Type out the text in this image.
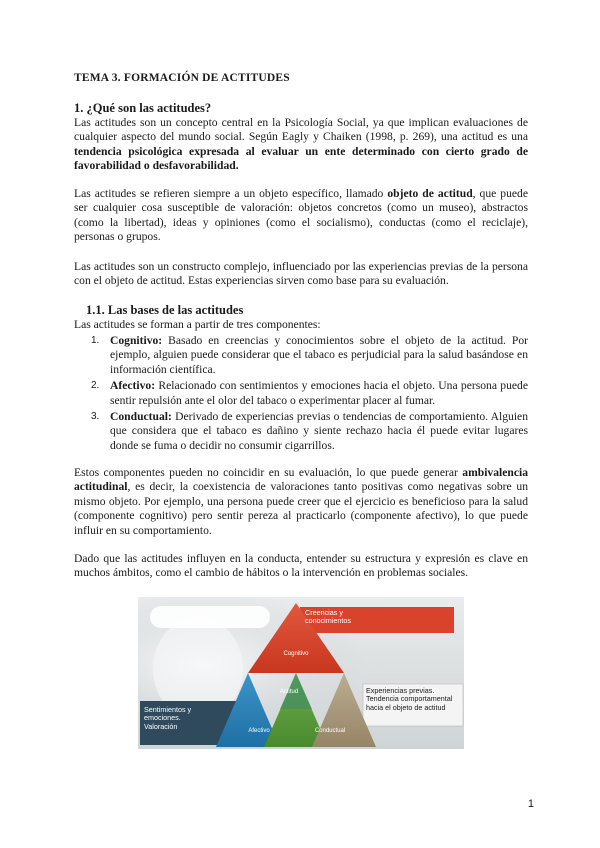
TEMA 3. FORMACIÓN DE ACTITUDES
1. ¿Qué son las actitudes?
Las actitudes son un concepto central en la Psicología Social, ya que implican evaluaciones de cualquier aspecto del mundo social. Según Eagly y Chaiken (1998, p. 269), una actitud es una tendencia psicológica expresada al evaluar un ente determinado con cierto grado de favorabilidad o desfavorabilidad.
Las actitudes se refieren siempre a un objeto específico, llamado objeto de actitud, que puede ser cualquier cosa susceptible de valoración: objetos concretos (como un museo), abstractos (como la libertad), ideas y opiniones (como el socialismo), conductas (como el reciclaje), personas o grupos.
Las actitudes son un constructo complejo, influenciado por las experiencias previas de la persona con el objeto de actitud. Estas experiencias sirven como base para su evaluación.
1.1. Las bases de las actitudes
Las actitudes se forman a partir de tres componentes:
1. Cognitivo: Basado en creencias y conocimientos sobre el objeto de la actitud. Por ejemplo, alguien puede considerar que el tabaco es perjudicial para la salud basándose en información científica.
2. Afectivo: Relacionado con sentimientos y emociones hacia el objeto. Una persona puede sentir repulsión ante el olor del tabaco o experimentar placer al fumar.
3. Conductual: Derivado de experiencias previas o tendencias de comportamiento. Alguien que considera que el tabaco es dañino y siente rechazo hacia él puede evitar lugares donde se fuma o decidir no consumir cigarrillos.
Estos componentes pueden no coincidir en su evaluación, lo que puede generar ambivalencia actitudinal, es decir, la coexistencia de valoraciones tanto positivas como negativas sobre un mismo objeto. Por ejemplo, una persona puede creer que el ejercicio es beneficioso para la salud (componente cognitivo) pero sentir pereza al practicarlo (componente afectivo), lo que puede influir en su comportamiento.
Dado que las actitudes influyen en la conducta, entender su estructura y expresión es clave en muchos ámbitos, como el cambio de hábitos o la intervención en problemas sociales.
Creencias y conocimientos
Experiencias previas. Tendencia comportamental hacia el objeto de actitud
Sentimientos y emociones. Valoración
Cognitivo
Actitud
Afectivo	Conductual
1
